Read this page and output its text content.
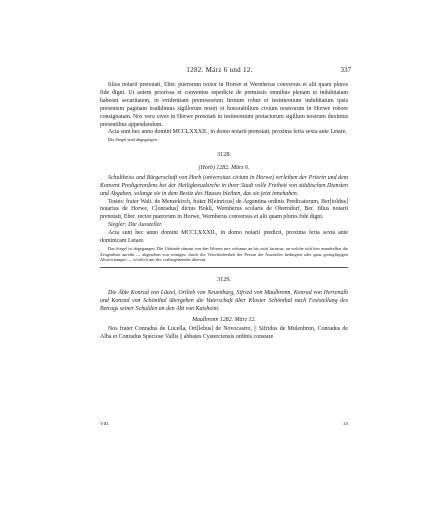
1282. März 6 und 12.	337

filius notarii prenotati, Eber. puerorum rector in Horwe et Wernherus conversus et alii quam plures fide digni. Ut autem priorissa et conventus sepedicte de premissis omnibus plenam et indubitatam habeant securitatem, in evidentiam premissorum firmum robur et testimonium indubitatum ipsis presentem paginam tradidimus sigillorum nostri et honorabilium civium nostrorum in Horwe robore consignatam. Nos vero cives in Horwe prenotati in testimonium pretactorum sigillum nostrum duximus presentibus appendendum.

Acta sunt hec anno domini MCCLXXXII., in domo notarii prenotati, proxima feria sexta ante Letare.

Die Siegel sind abgegangen.

3128.
(Horb) 1282. März 6.

Schultheiss und Bürgerschaft von Horb (universitas civium in Horwe) verleihen der Priorin und dem Konvent Predigerordens bei der Heiligkreuzkirche in ihrer Stadt volle Freiheit von städtischen Diensten und Abgaben, solange sie in dem Besitz des Hauses bleiben, das sie jetzt innehaben.

Testes: frater Walt. de Menzekirch, frater H[einricus] de Argentina ordinis Predicatorum, Ber[toldus] notarius de Horwe, C[onradus] dictus Bokli, Wernherus scolaris de Oberndorf, Ber. filius notarii prenotati, Eber. rector puerorum in Horwe, Wernherus conversus et alii quam plures fide digni.

Siegler: Die Aussteller.

Acta sunt hec anno domini MCCLXXXII., in domo notarii predicti, proxima feria sexta ante dominicam Letare.

Das Siegel ist abgegangen. Die Urkunde stimmt von den Worten nire volumus an bis voisi facimus, an welche sich hier unmittelbar die Zeugenliste anreiht — abgesehen von wenigen, durch die Verschiedenheit der Person der Aussteller bedingten oder ganz geringfügigen Abweichungen — wörtlich mit der vorhergehenden überein.

3129.

Die Äbte Konrad von Lützel, Ortlieb von Neuenburg, Sifried von Maulbronn, Konrad von Herrenalb und Konrad von Schönthal übergeben die Vaterschaft über Kloster Schönthal nach Feststellung des Betrags seiner Schulden an den Abt von Kaisheim.

Maulbronn 1282. März 12.

Nos frater Conradus de Lucella, Ort[lebus] de Novocastro, || Sifridus de Mulenbrun, Conradus de Alba et Conradus Speciose Vallis || abbates Cysterciensis ordinis constare

VIII.	43
